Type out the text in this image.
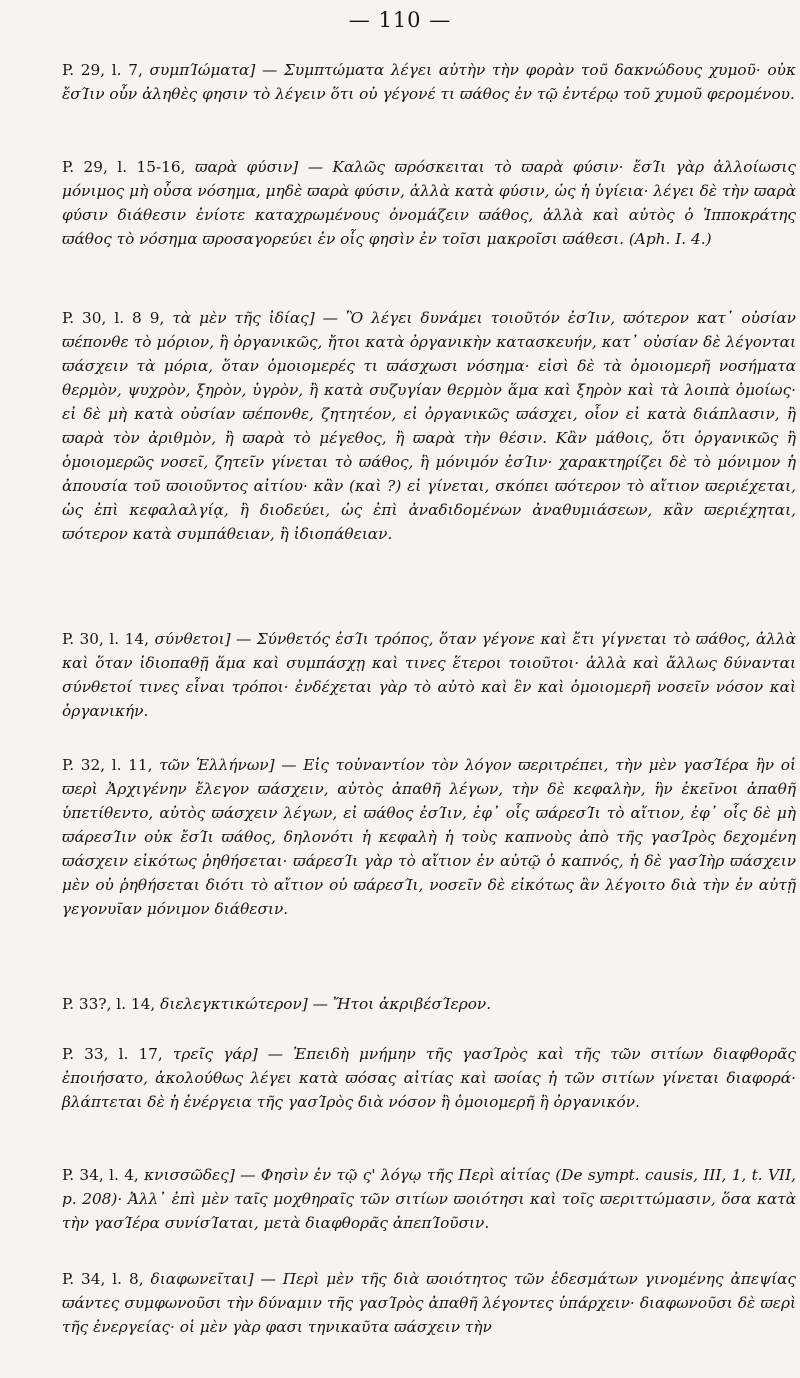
— 110 —

P. 29, l. 7, συμπΊώματα] — Συμπτώματα λέγει αὐτὴν τὴν φορὰν τοῦ δακνώδους χυμοῦ· οὐκ ἔσΊιν οὖν ἀληθὲς φησιν τὸ λέγειν ὅτι οὐ γέγονέ τι ϖάθος ἐν τῷ ἐντέρῳ τοῦ χυμοῦ φερομένου.

P. 29, l. 15-16, ϖαρὰ φύσιν] — Καλῶς ϖρόσκειται τὸ ϖαρὰ φύσιν· ἔσΊι γὰρ ἀλλοίωσις μόνιμος μὴ οὖσα νόσημα, μηδὲ ϖαρὰ φύσιν, ἀλλὰ κατὰ φύσιν, ὡς ἡ ὑγίεια· λέγει δὲ τὴν ϖαρὰ φύσιν διάθεσιν ἐνίοτε καταχρωμένους ὀνομάζειν ϖάθος, ἀλλὰ καὶ αὐτὸς ὁ Ἱπποκράτης ϖάθος τὸ νόσημα ϖροσαγορεύει ἐν οἷς φησὶν ἐν τοῖσι μακροῖσι ϖάθεσι. (Aph. I. 4.)

P. 30, l. 8 9, τὰ μὲν τῆς ἰδίας] — Ὃ λέγει δυνάμει τοιοῦτόν ἐσΊιν, ϖότερον κατ᾽ οὐσίαν ϖέπονθε τὸ μόριον, ἢ ὀργανικῶς, ἤτοι κατὰ ὀργανικὴν κατασκευήν, κατ᾽ οὐσίαν δὲ λέγονται ϖάσχειν τὰ μόρια, ὅταν ὁμοιομερές τι ϖάσχωσι νόσημα· εἰσὶ δὲ τὰ ὁμοιομερῆ νοσήματα θερμὸν, ψυχρὸν, ξηρὸν, ὑγρὸν, ἢ κατὰ συζυγίαν θερμὸν ἅμα καὶ ξηρὸν καὶ τὰ λοιπὰ ὁμοίως· εἰ δὲ μὴ κατὰ οὐσίαν ϖέπονθε, ζητητέον, εἰ ὀργανικῶς ϖάσχει, οἷον εἰ κατὰ διάπλασιν, ἢ ϖαρὰ τὸν ἀριθμὸν, ἢ ϖαρὰ τὸ μέγεθος, ἢ ϖαρὰ τὴν θέσιν. Κἂν μάθοις, ὅτι ὀργανικῶς ἢ ὁμοιομερῶς νοσεῖ, ζητεῖν γίνεται τὸ ϖάθος, ἢ μόνιμόν ἐσΊιν· χαρακτηρίζει δὲ τὸ μόνιμον ἡ ἀπουσία τοῦ ϖοιοῦντος αἰτίου· κἂν (καὶ ?) εἰ γίνεται, σκόπει ϖότερον τὸ αἴτιον ϖεριέχεται, ὡς ἐπὶ κεφαλαλγίᾳ, ἢ διοδεύει, ὡς ἐπὶ ἀναδιδομένων ἀναθυμιάσεων, κἂν ϖεριέχηται, ϖότερον κατὰ συμπάθειαν, ἢ ἰδιοπάθειαν.

P. 30, l. 14, σύνθετοι] — Σύνθετός ἐσΊι τρόπος, ὅταν γέγονε καὶ ἔτι γίγνεται τὸ ϖάθος, ἀλλὰ καὶ ὅταν ἰδιοπαθῇ ἅμα καὶ συμπάσχῃ καὶ τινες ἕτεροι τοιοῦτοι· ἀλλὰ καὶ ἄλλως δύνανται σύνθετοί τινες εἶναι τρόποι· ἐνδέχεται γὰρ τὸ αὐτὸ καὶ ἓν καὶ ὁμοιομερῆ νοσεῖν νόσον καὶ ὀργανικήν.

P. 32, l. 11, τῶν Ἑλλήνων] — Εἰς τοὐναντίον τὸν λόγον ϖεριτρέπει, τὴν μὲν γασΊέρα ἣν οἱ ϖερὶ Ἀρχιγένην ἔλεγον ϖάσχειν, αὐτὸς ἀπαθῆ λέγων, τὴν δὲ κεφαλὴν, ἣν ἐκεῖνοι ἀπαθῆ ὑπετίθεντο, αὐτὸς ϖάσχειν λέγων, εἰ ϖάθος ἐσΊιν, ἐφ᾽ οἷς ϖάρεσΊι τὸ αἴτιον, ἐφ᾽ οἷς δὲ μὴ ϖάρεσΊιν οὐκ ἔσΊι ϖάθος, δηλονότι ἡ κεφαλὴ ἡ τοὺς καπνοὺς ἀπὸ τῆς γασΊρὸς δεχομένη ϖάσχειν εἰκότως ῥηθήσεται· ϖάρεσΊι γὰρ τὸ αἴτιον ἐν αὐτῷ ὁ καπνός, ἡ δὲ γασΊὴρ ϖάσχειν μὲν οὐ ῥηθήσεται διότι τὸ αἴτιον οὐ ϖάρεσΊι, νοσεῖν δὲ εἰκότως ἂν λέγοιτο διὰ τὴν ἐν αὐτῇ γεγονυῖαν μόνιμον διάθεσιν.

P. 33?, l. 14, διελεγκτικώτερον] — Ἤτοι ἀκριβέσΊερον.

P. 33, l. 17, τρεῖς γάρ] — Ἐπειδὴ μνήμην τῆς γασΊρὸς καὶ τῆς τῶν σιτίων διαφθορᾶς ἐποιήσατο, ἀκολούθως λέγει κατὰ ϖόσας αἰτίας καὶ ϖοίας ἡ τῶν σιτίων γίνεται διαφορά· βλάπτεται δὲ ἡ ἐνέργεια τῆς γασΊρὸς διὰ νόσον ἢ ὁμοιομερῆ ἢ ὀργανικόν.

P. 34, l. 4, κνισσῶδες] — Φησὶν ἐν τῷ ς' λόγῳ τῆς Περὶ αἰτίας (De sympt. causis, III, 1, t. VII, p. 208)· Ἀλλ᾽ ἐπὶ μὲν ταῖς μοχθηραῖς τῶν σιτίων ϖοιότησι καὶ τοῖς ϖεριττώμασιν, ὅσα κατὰ τὴν γασΊέρα συνίσΊαται, μετὰ διαφθορᾶς ἀπεπΊοῦσιν.

P. 34, l. 8, διαφωνεῖται] — Περὶ μὲν τῆς διὰ ϖοιότητος τῶν ἐδεσμάτων γινομένης ἀπεψίας ϖάντες συμφωνοῦσι τὴν δύναμιν τῆς γασΊρὸς ἀπαθῆ λέγοντες ὑπάρχειν· διαφωνοῦσι δὲ ϖερὶ τῆς ἐνεργείας· οἱ μὲν γὰρ φασι τηνικαῦτα ϖάσχειν τὴν
